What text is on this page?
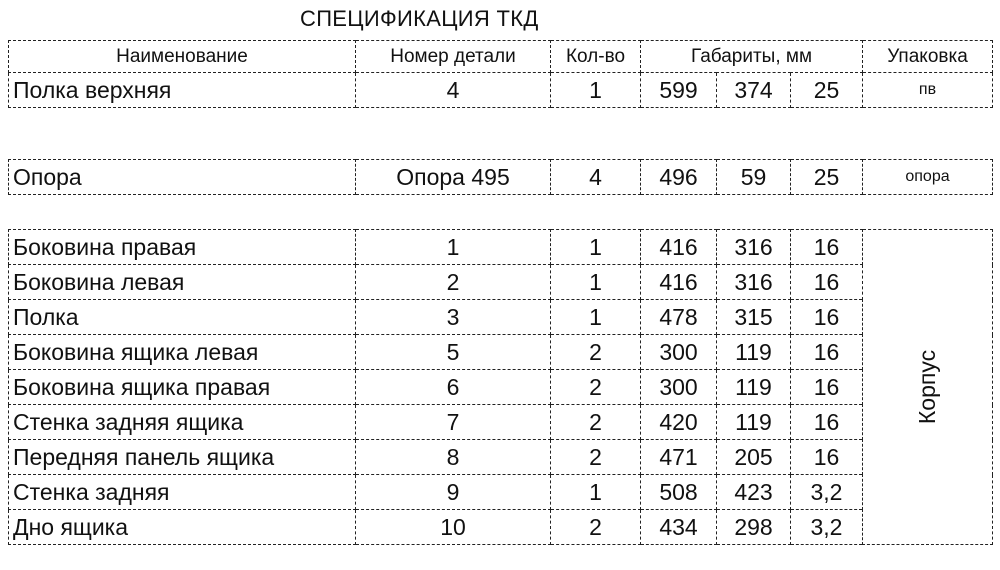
СПЕЦИФИКАЦИЯ ТКД
Наименование	Номер детали	Кол-во	Габариты, мм			Упаковка
Полка верхняя	4	1	599	374	25	пв
Опора	Опора 495	4	496	59	25	опора
Боковина правая	1	1	416	316	16	Корпус
Боковина левая	2	1	416	316	16	
Полка	3	1	478	315	16	
Боковина ящика левая	5	2	300	119	16	
Боковина ящика правая	6	2	300	119	16	
Стенка задняя ящика	7	2	420	119	16	
Передняя панель ящика	8	2	471	205	16	
Стенка задняя	9	1	508	423	3,2	
Дно ящика	10	2	434	298	3,2	
